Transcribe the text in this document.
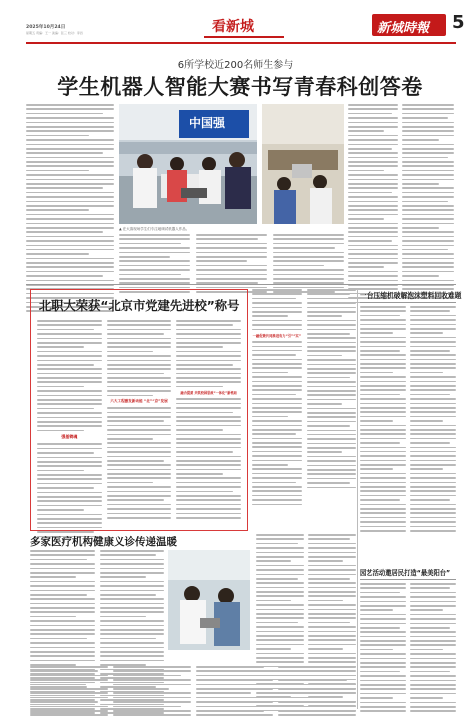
2025年10月24日
星期五 责编：王一 美编：张三 校对：李四	看新城	新城時報 5
6所学校近200名师生参与
学生机器人智能大赛书写青春科创答卷
中国强
▲ 在大赛现场学生们专注地调试机器人作品。
北职大荣获“北京市党建先进校”称号
强基铸魂
六大工程激发新动能 “北”“京”发展
融合提质 共筑校园思政“一体化”新格局
一融促兼共同推进有力“引”“实”
一台压缩机破解泡沫塑料回收难题
多家医疗机构健康义诊传递温暖
园艺活动邀居民打造“最美阳台”
